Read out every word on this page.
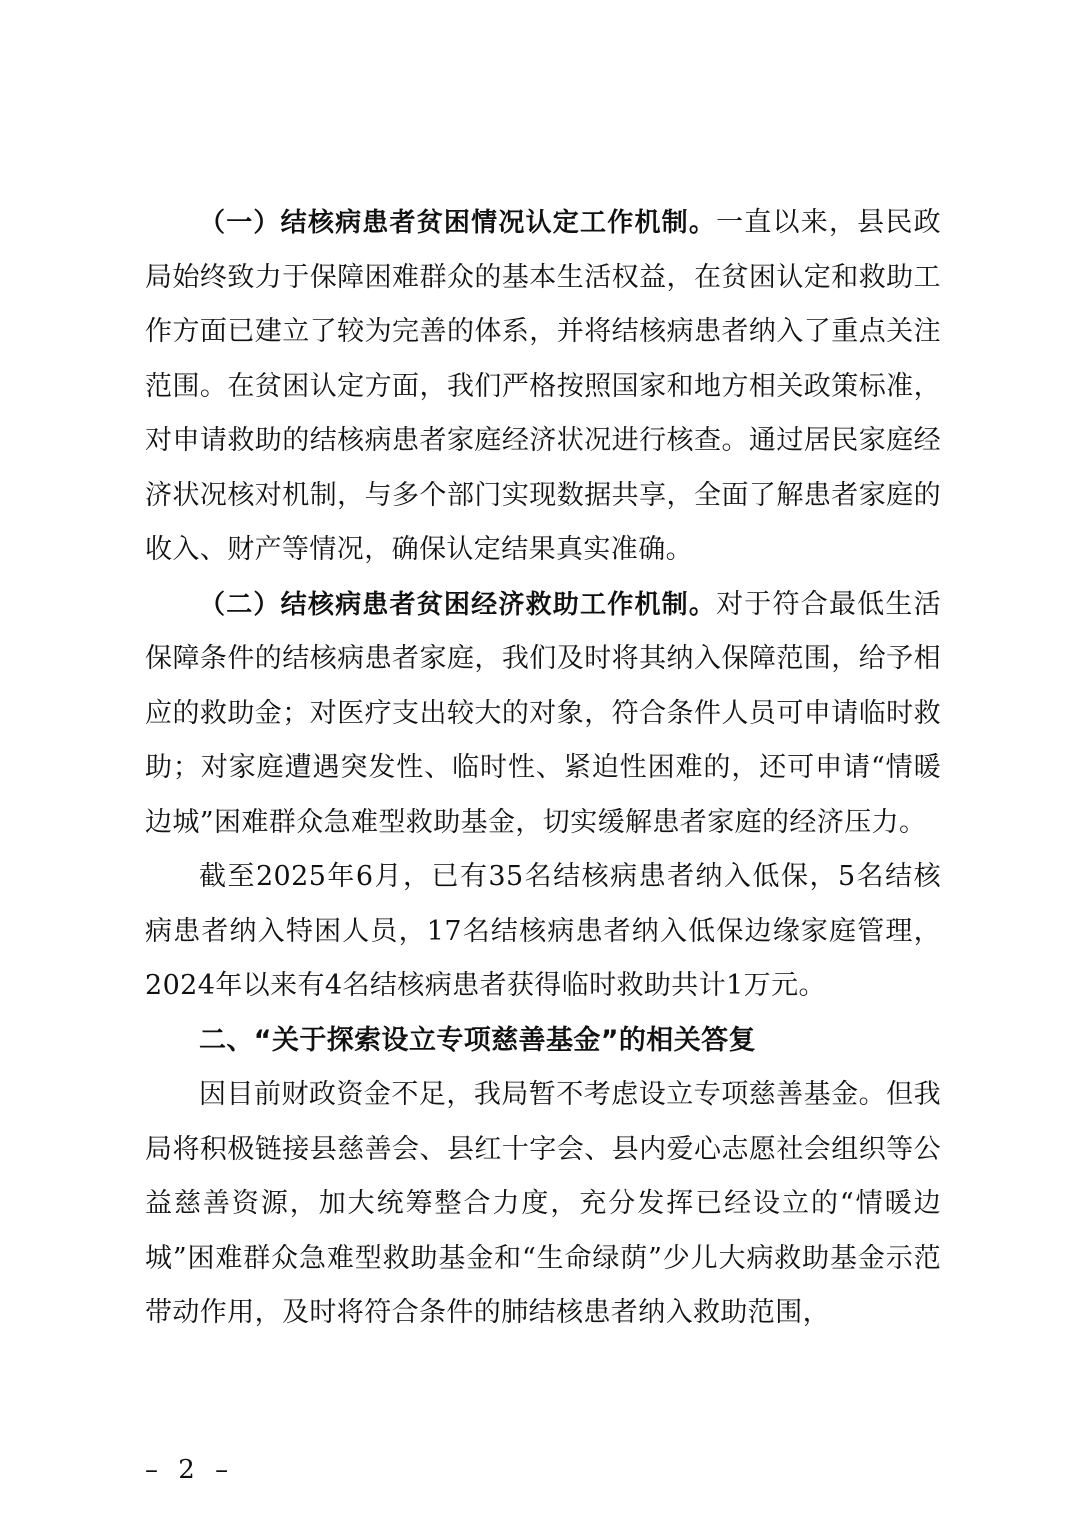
（一）结核病患者贫困情况认定工作机制。一直以来，县民政局始终致力于保障困难群众的基本生活权益，在贫困认定和救助工作方面已建立了较为完善的体系，并将结核病患者纳入了重点关注范围。在贫困认定方面，我们严格按照国家和地方相关政策标准，对申请救助的结核病患者家庭经济状况进行核查。通过居民家庭经济状况核对机制，与多个部门实现数据共享，全面了解患者家庭的收入、财产等情况，确保认定结果真实准确。

（二）结核病患者贫困经济救助工作机制。对于符合最低生活保障条件的结核病患者家庭，我们及时将其纳入保障范围，给予相应的救助金；对医疗支出较大的对象，符合条件人员可申请临时救助；对家庭遭遇突发性、临时性、紧迫性困难的，还可申请“情暖边城”困难群众急难型救助基金，切实缓解患者家庭的经济压力。

截至2025年6月，已有35名结核病患者纳入低保，5名结核病患者纳入特困人员，17名结核病患者纳入低保边缘家庭管理，2024年以来有4名结核病患者获得临时救助共计1万元。

二、“关于探索设立专项慈善基金”的相关答复

因目前财政资金不足，我局暂不考虑设立专项慈善基金。但我局将积极链接县慈善会、县红十字会、县内爱心志愿社会组织等公益慈善资源，加大统筹整合力度，充分发挥已经设立的“情暖边城”困难群众急难型救助基金和“生命绿荫”少儿大病救助基金示范带动作用，及时将符合条件的肺结核患者纳入救助范围，

– 2 –
